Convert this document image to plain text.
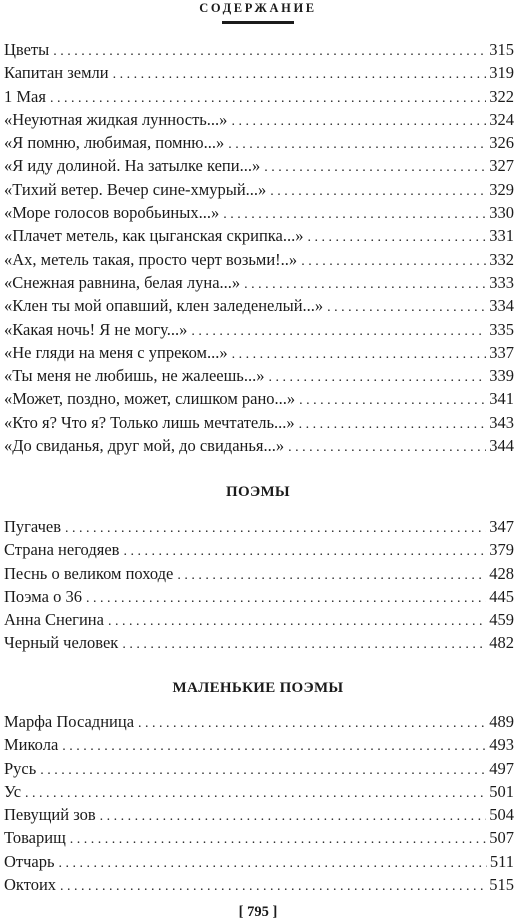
СОДЕРЖАНИЕ
Цветы . . .	315
Капитан земли . . .	319
1 Мая . . .	322
«Неуютная жидкая лунность...» . . .	324
«Я помню, любимая, помню...» . . .	326
«Я иду долиной. На затылке кепи...» . . .	327
«Тихий ветер. Вечер сине-хмурый...» . . .	329
«Море голосов воробьиных...» . . .	330
«Плачет метель, как цыганская скрипка...» . . .	331
«Ах, метель такая, просто черт возьми!..» . . .	332
«Снежная равнина, белая луна...» . . .	333
«Клен ты мой опавший, клен заледенелый...» . . .	334
«Какая ночь! Я не могу...» . . .	335
«Не гляди на меня с упреком...» . . .	337
«Ты меня не любишь, не жалеешь...» . . .	339
«Может, поздно, может, слишком рано...» . . .	341
«Кто я? Что я? Только лишь мечтатель...» . . .	343
«До свиданья, друг мой, до свиданья...» . . .	344
ПОЭМЫ
Пугачев . . .	347
Страна негодяев . . .	379
Песнь о великом походе . . .	428
Поэма о 36 . . .	445
Анна Снегина . . .	459
Черный человек . . .	482
МАЛЕНЬКИЕ ПОЭМЫ
Марфа Посадница . . .	489
Микола . . .	493
Русь . . .	497
Ус . . .	501
Певущий зов . . .	504
Товарищ . . .	507
Отчарь . . .	511
Октоих . . .	515
[ 795 ]
